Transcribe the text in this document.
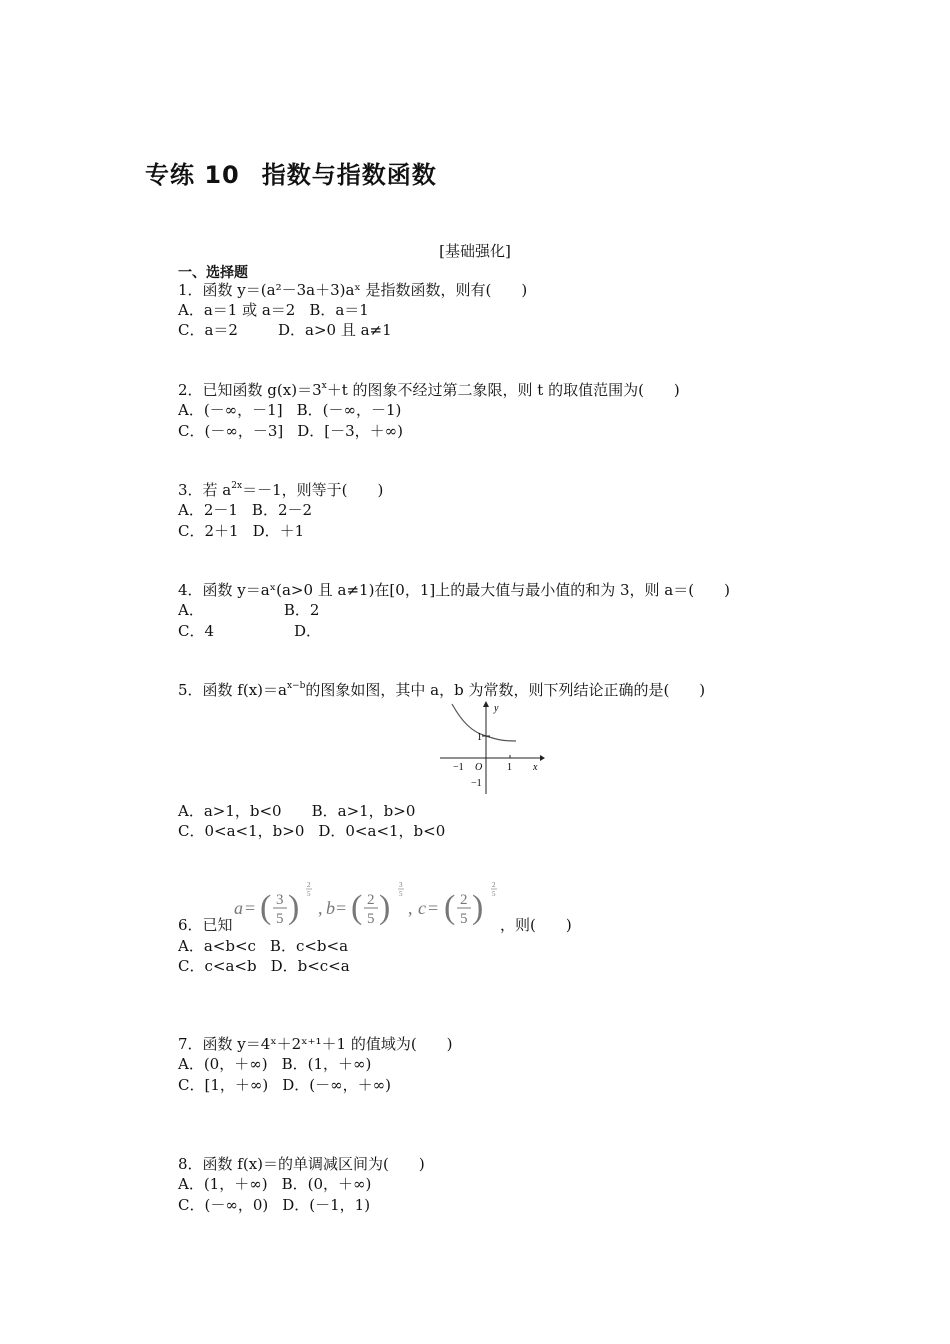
专练 10 指数与指数函数
[基础强化]
一、选择题
1．函数 y＝(a²－3a＋3)aˣ 是指数函数，则有(　　)
A．a＝1 或 a＝2 B．a＝1
C．a＝2	D．a>0 且 a≠1
2．已知函数 $g(x)=3^x+t$ 的图象不经过第二象限，则 t 的取值范围为(　　)
A．(－∞，－1] B．(－∞，－1)
C．(－∞，－3] D．[－3，＋∞)
3．若 $a^{2x}=-1$，则等于(　　)
A．2－1 B．2－2
C．2＋1 D．＋1
4．函数 y＝aˣ(a>0 且 a≠1)在[0，1]上的最大值与最小值的和为 3，则 a＝(　　)
A．	B．2
C．4	D．
5．函数 $f(x)=a^{x-b}$的图象如图，其中 a，b 为常数，则下列结论正确的是(　　)
y
x
O
−1	1
1
−1
A．a>1，b<0 B．a>1，b>0
C．0<a<1，b>0 D．0<a<1，b<0
a = ( 3
5 )
2
5
, b = ( 2
5 )
3
5
, c = ( 2
5 )
2
5
6．已知	，则(　　)
A．a<b<c B．c<b<a
C．c<a<b D．b<c<a
7．函数 y＝4ˣ＋2ˣ⁺¹＋1 的值域为(　　)
A．(0，＋∞) B．(1，＋∞)
C．[1，＋∞) D．(－∞，＋∞)
8．函数 f(x)＝的单调减区间为(　　)
A．(1，＋∞) B．(0，＋∞)
C．(－∞，0) D．(－1，1)
